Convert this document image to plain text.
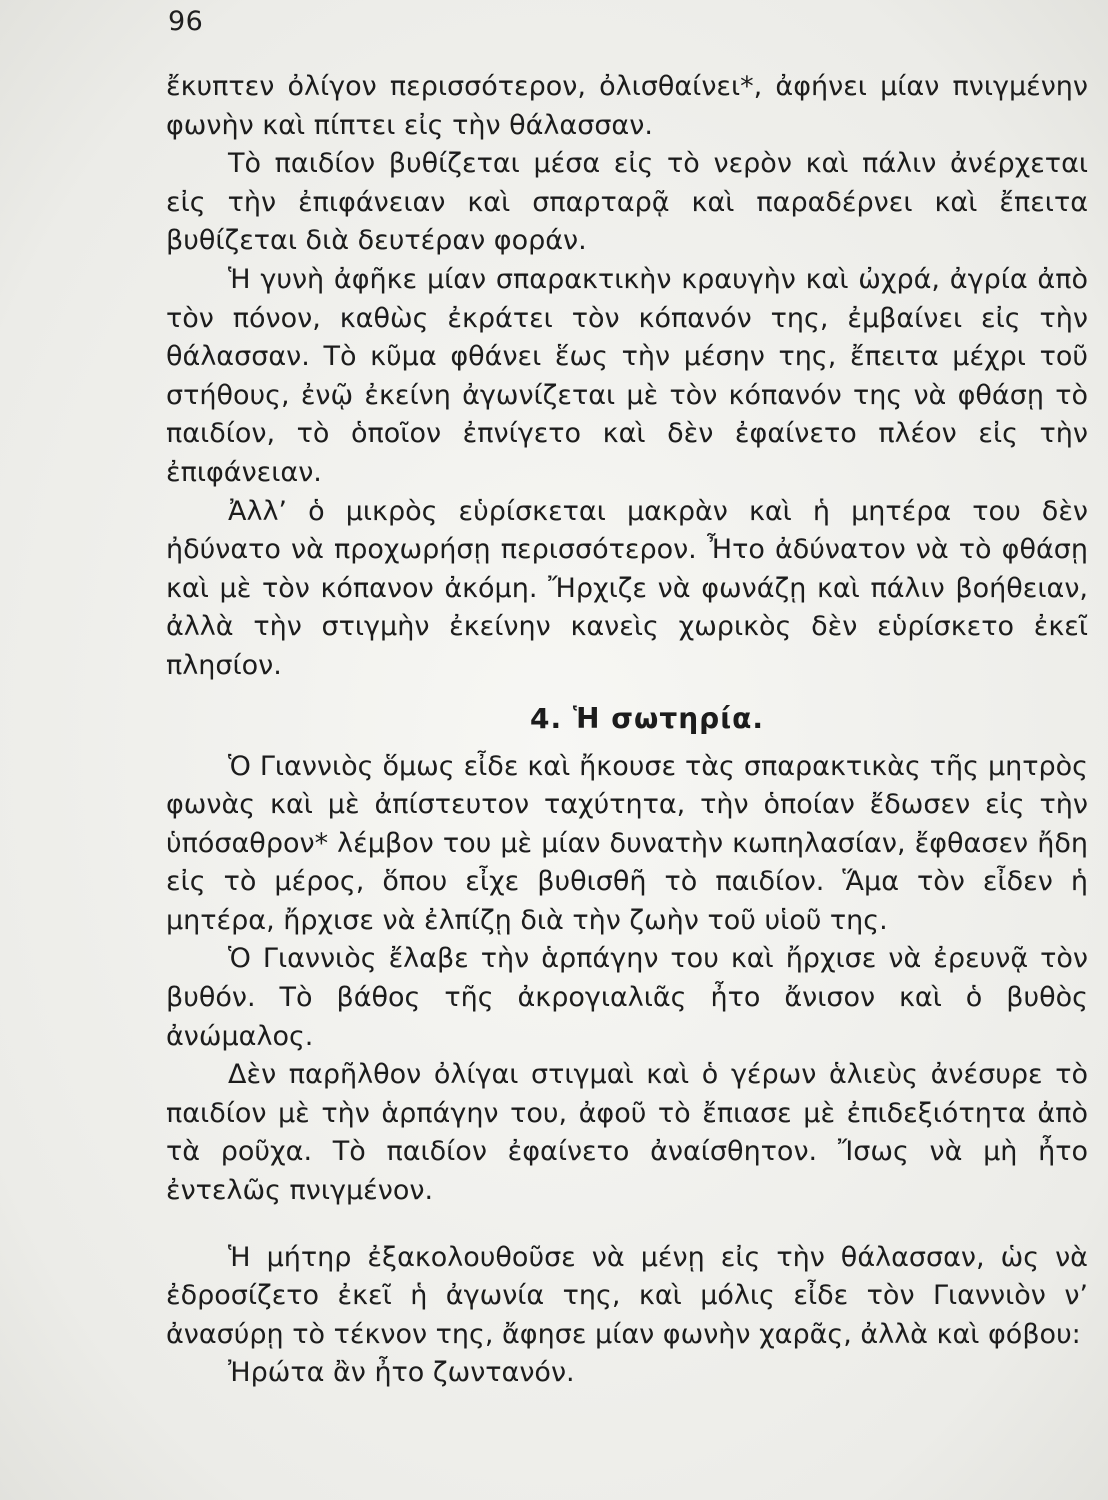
96

ἔκυπτεν ὀλίγον περισσότερον, ὀλισθαίνει*, ἀφήνει μίαν πνιγμένην φωνὴν καὶ πίπτει εἰς τὴν θάλασσαν.

Τὸ παιδίον βυθίζεται μέσα εἰς τὸ νερὸν καὶ πάλιν ἀνέρχεται εἰς τὴν ἐπιφάνειαν καὶ σπαρταρᾷ καὶ παραδέρνει καὶ ἔπειτα βυθίζεται διὰ δευτέραν φοράν.

Ἡ γυνὴ ἀφῆκε μίαν σπαρακτικὴν κραυγὴν καὶ ὠχρά, ἀγρία ἀπὸ τὸν πόνον, καθὼς ἐκράτει τὸν κόπανόν της, ἐμβαίνει εἰς τὴν θάλασσαν. Τὸ κῦμα φθάνει ἕως τὴν μέσην της, ἔπειτα μέχρι τοῦ στήθους, ἐνῷ ἐκείνη ἀγωνίζεται μὲ τὸν κόπανόν της νὰ φθάσῃ τὸ παιδίον, τὸ ὁποῖον ἐπνίγετο καὶ δὲν ἐφαίνετο πλέον εἰς τὴν ἐπιφάνειαν.

Ἀλλ’ ὁ μικρὸς εὑρίσκεται μακρὰν καὶ ἡ μητέρα του δὲν ἠδύνατο νὰ προχωρήσῃ περισσότερον. Ἦτο ἀδύνατον νὰ τὸ φθάσῃ καὶ μὲ τὸν κόπανον ἀκόμη. Ἤρχιζε νὰ φωνάζῃ καὶ πάλιν βοήθειαν, ἀλλὰ τὴν στιγμὴν ἐκείνην κανεὶς χωρικὸς δὲν εὑρίσκετο ἐκεῖ πλησίον.

4. Ἡ σωτηρία.

Ὁ Γιαννιὸς ὅμως εἶδε καὶ ἤκουσε τὰς σπαρακτικὰς τῆς μητρὸς φωνὰς καὶ μὲ ἀπίστευτον ταχύτητα, τὴν ὁποίαν ἔδωσεν εἰς τὴν ὑπόσαθρον* λέμβον του μὲ μίαν δυνατὴν κωπηλασίαν, ἔφθασεν ἤδη εἰς τὸ μέρος, ὅπου εἶχε βυθισθῆ τὸ παιδίον. Ἅμα τὸν εἶδεν ἡ μητέρα, ἤρχισε νὰ ἐλπίζῃ διὰ τὴν ζωὴν τοῦ υἱοῦ της.

Ὁ Γιαννιὸς ἔλαβε τὴν ἁρπάγην του καὶ ἤρχισε νὰ ἐρευνᾷ τὸν βυθόν. Τὸ βάθος τῆς ἀκρογιαλιᾶς ἦτο ἄνισον καὶ ὁ βυθὸς ἀνώμαλος.

Δὲν παρῆλθον ὀλίγαι στιγμαὶ καὶ ὁ γέρων ἁλιεὺς ἀνέσυρε τὸ παιδίον μὲ τὴν ἁρπάγην του, ἀφοῦ τὸ ἔπιασε μὲ ἐπιδεξιότητα ἀπὸ τὰ ροῦχα. Τὸ παιδίον ἐφαίνετο ἀναίσθητον. Ἴσως νὰ μὴ ἦτο ἐντελῶς πνιγμένον.

Ἡ μήτηρ ἐξακολουθοῦσε νὰ μένῃ εἰς τὴν θάλασσαν, ὡς νὰ ἐδροσίζετο ἐκεῖ ἡ ἀγωνία της, καὶ μόλις εἶδε τὸν Γιαννιὸν ν’ ἀνασύρῃ τὸ τέκνον της, ἄφησε μίαν φωνὴν χαρᾶς, ἀλλὰ καὶ φόβου:

Ἠρώτα ἂν ἦτο ζωντανόν.
